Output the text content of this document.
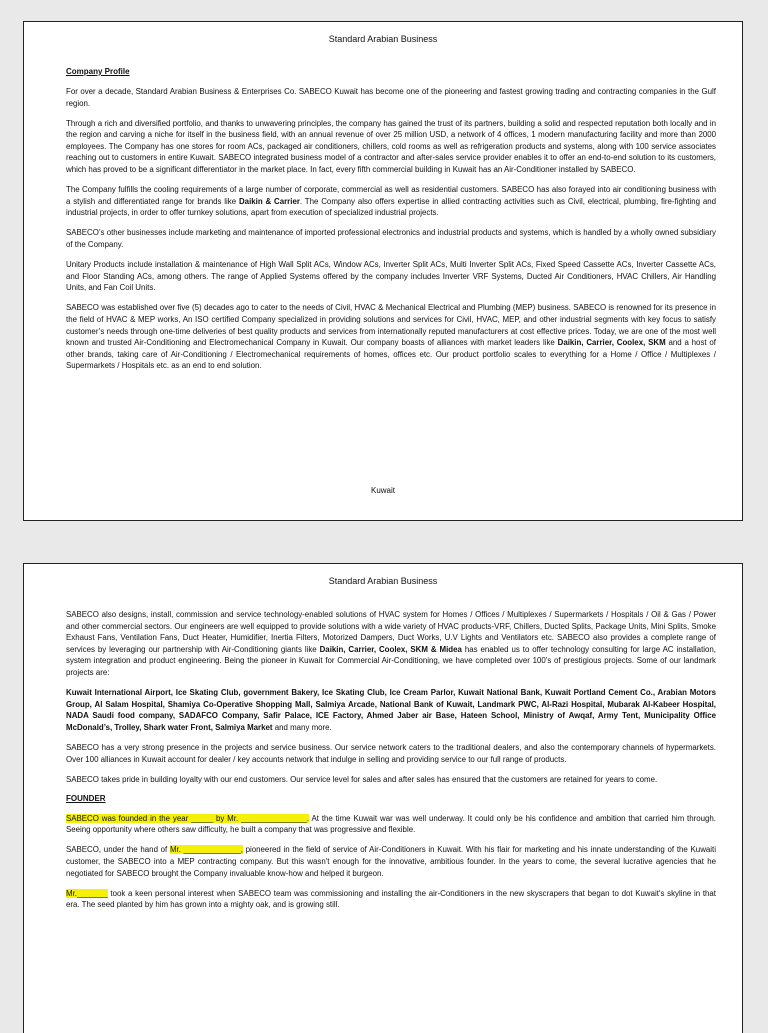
Standard Arabian Business
Company Profile

For over a decade, Standard Arabian Business & Enterprises Co. SABECO Kuwait has become one of the pioneering and fastest growing trading and contracting companies in the Gulf region.

Through a rich and diversified portfolio, and thanks to unwavering principles, the company has gained the trust of its partners, building a solid and respected reputation both locally and in the region and carving a niche for itself in the business field, with an annual revenue of over 25 million USD, a network of 4 offices, 1 modern manufacturing facility and more than 2000 employees. The Company has one stores for room ACs, packaged air conditioners, chillers, cold rooms as well as refrigeration products and systems, along with 100 service associates reaching out to customers in entire Kuwait. SABECO integrated business model of a contractor and after-sales service provider enables it to offer an end-to-end solution to its customers, which has proved to be a significant differentiator in the market place. In fact, every fifth commercial building in Kuwait has an Air-Conditioner installed by SABECO.

The Company fulfills the cooling requirements of a large number of corporate, commercial as well as residential customers. SABECO has also forayed into air conditioning business with a stylish and differentiated range for brands like Daikin & Carrier. The Company also offers expertise in allied contracting activities such as Civil, electrical, plumbing, fire-fighting and industrial projects, in order to offer turnkey solutions, apart from execution of specialized industrial projects.

SABECO’s other businesses include marketing and maintenance of imported professional electronics and industrial products and systems, which is handled by a wholly owned subsidiary of the Company.

Unitary Products include installation & maintenance of High Wall Split ACs, Window ACs, Inverter Split ACs, Multi Inverter Split ACs, Fixed Speed Cassette ACs, Inverter Cassette ACs, and Floor Standing ACs, among others. The range of Applied Systems offered by the company includes Inverter VRF Systems, Ducted Air Conditioners, HVAC Chillers, Air Handling Units, and Fan Coil Units.

SABECO was established over five (5) decades ago to cater to the needs of Civil, HVAC & Mechanical Electrical and Plumbing (MEP) business. SABECO is renowned for its presence in the field of HVAC & MEP works, An ISO certified Company specialized in providing solutions and services for Civil, HVAC, MEP, and other industrial segments with key focus to satisfy customer’s needs through one-time deliveries of best quality products and services from internationally reputed manufacturers at cost effective prices. Today, we are one of the most well known and trusted Air-Conditioning and Electromechanical Company in Kuwait. Our company boasts of alliances with market leaders like Daikin, Carrier, Coolex, SKM and a host of other brands, taking care of Air-Conditioning / Electromechanical requirements of homes, offices etc. Our product portfolio scales to everything for a Home / Office / Multiplexes / Supermarkets / Hospitals etc. as an end to end solution.

Kuwait
Standard Arabian Business

SABECO also designs, install, commission and service technology-enabled solutions of HVAC system for Homes / Offices / Multiplexes / Supermarkets / Hospitals / Oil & Gas / Power and other commercial sectors. Our engineers are well equipped to provide solutions with a wide variety of HVAC products-VRF, Chillers, Ducted Splits, Package Units, Mini Splits, Smoke Exhaust Fans, Ventilation Fans, Duct Heater, Humidifier, Inertia Filters, Motorized Dampers, Duct Works, U.V Lights and Ventilators etc. SABECO also provides a complete range of services by leveraging our partnership with Air-Conditioning giants like Daikin, Carrier, Coolex, SKM & Midea has enabled us to offer technology consulting for large AC installation, system integration and product engineering. Being the pioneer in Kuwait for Commercial Air-Conditioning, we have completed over 100’s of prestigious projects. Some of our landmark projects are:

Kuwait International Airport, Ice Skating Club, government Bakery, Ice Skating Club, Ice Cream Parlor, Kuwait National Bank, Kuwait Portland Cement Co., Arabian Motors Group, Al Salam Hospital, Shamiya Co-Operative Shopping Mall, Salmiya Arcade, National Bank of Kuwait, Landmark PWC, Al-Razi Hospital, Mubarak Al-Kabeer Hospital, NADA Saudi food company, SADAFCO Company, Safir Palace, ICE Factory, Ahmed Jaber air Base, Hateen School, Ministry of Awqaf, Army Tent, Municipality Office McDonald’s, Trolley, Shark water Front, Salmiya Market and many more.

SABECO has a very strong presence in the projects and service business. Our service network caters to the traditional dealers, and also the contemporary channels of hypermarkets. Over 100 alliances in Kuwait account for dealer / key accounts network that indulge in selling and providing service to our full range of products.

SABECO takes pride in building loyalty with our end customers. Our service level for sales and after sales has ensured that the customers are retained for years to come.

FOUNDER

SABECO was founded in the year _____ by Mr. _______________. At the time Kuwait war was well underway. It could only be his confidence and ambition that carried him through. Seeing opportunity where others saw difficulty, he built a company that was progressive and flexible.

SABECO, under the hand of Mr. _____________, pioneered in the field of service of Air-Conditioners in Kuwait. With his flair for marketing and his innate understanding of the Kuwaiti customer, the SABECO into a MEP contracting company. But this wasn't enough for the innovative, ambitious founder. In the years to come, the several lucrative agencies that he negotiated for SABECO brought the Company invaluable know-how and helped it burgeon.

Mr._______ took a keen personal interest when SABECO team was commissioning and installing the air-Conditioners in the new skyscrapers that began to dot Kuwait's skyline in that era. The seed planted by him has grown into a mighty oak, and is growing still.
